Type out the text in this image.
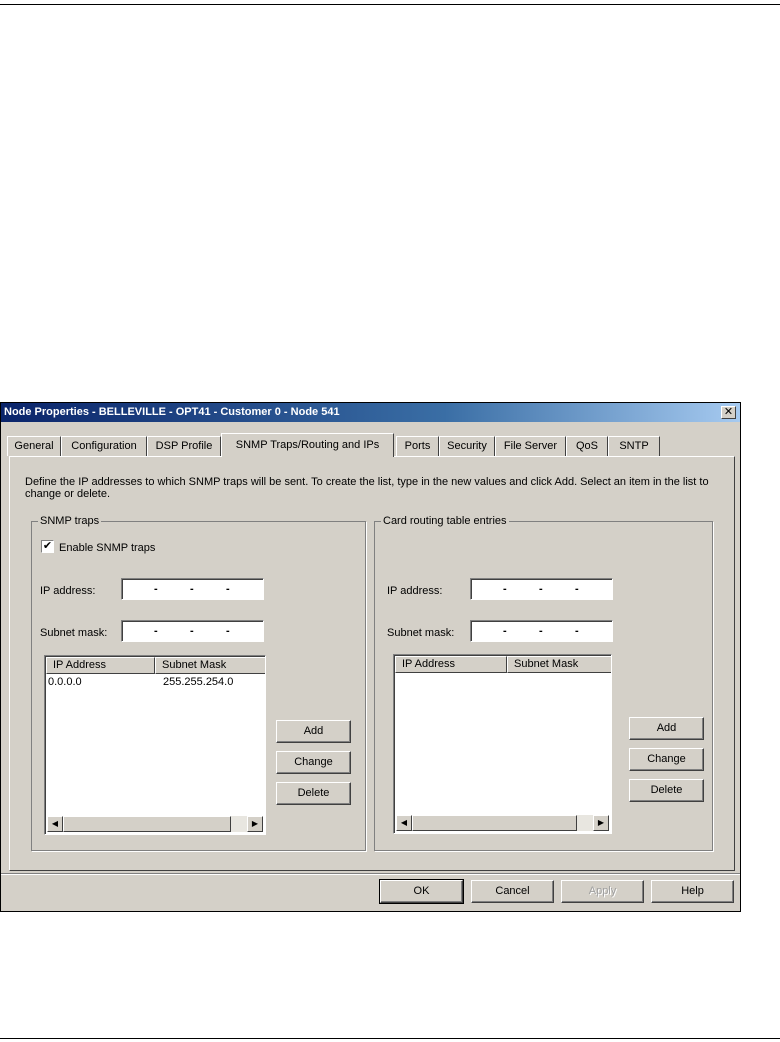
Node Properties - BELLEVILLE - OPT41 - Customer 0 - Node 541	✕
General	Configuration	DSP Profile	SNMP Traps/Routing and IPs	Ports	Security	File Server	QoS	SNTP
Define the IP addresses to which SNMP traps will be sent. To create the list, type in the new values and click Add. Select an item in the list to change or delete.
SNMP traps
✔ Enable SNMP traps
IP address:	-	-	-
Subnet mask:	-	-	-
IP Address	Subnet Mask
0.0.0.0	255.255.254.0
◀	▶
Add
Change
Delete
Card routing table entries
IP address:	-	-	-
Subnet mask:	-	-	-
IP Address	Subnet Mask
◀	▶
Add
Change
Delete
OK	Cancel	Apply	Help
